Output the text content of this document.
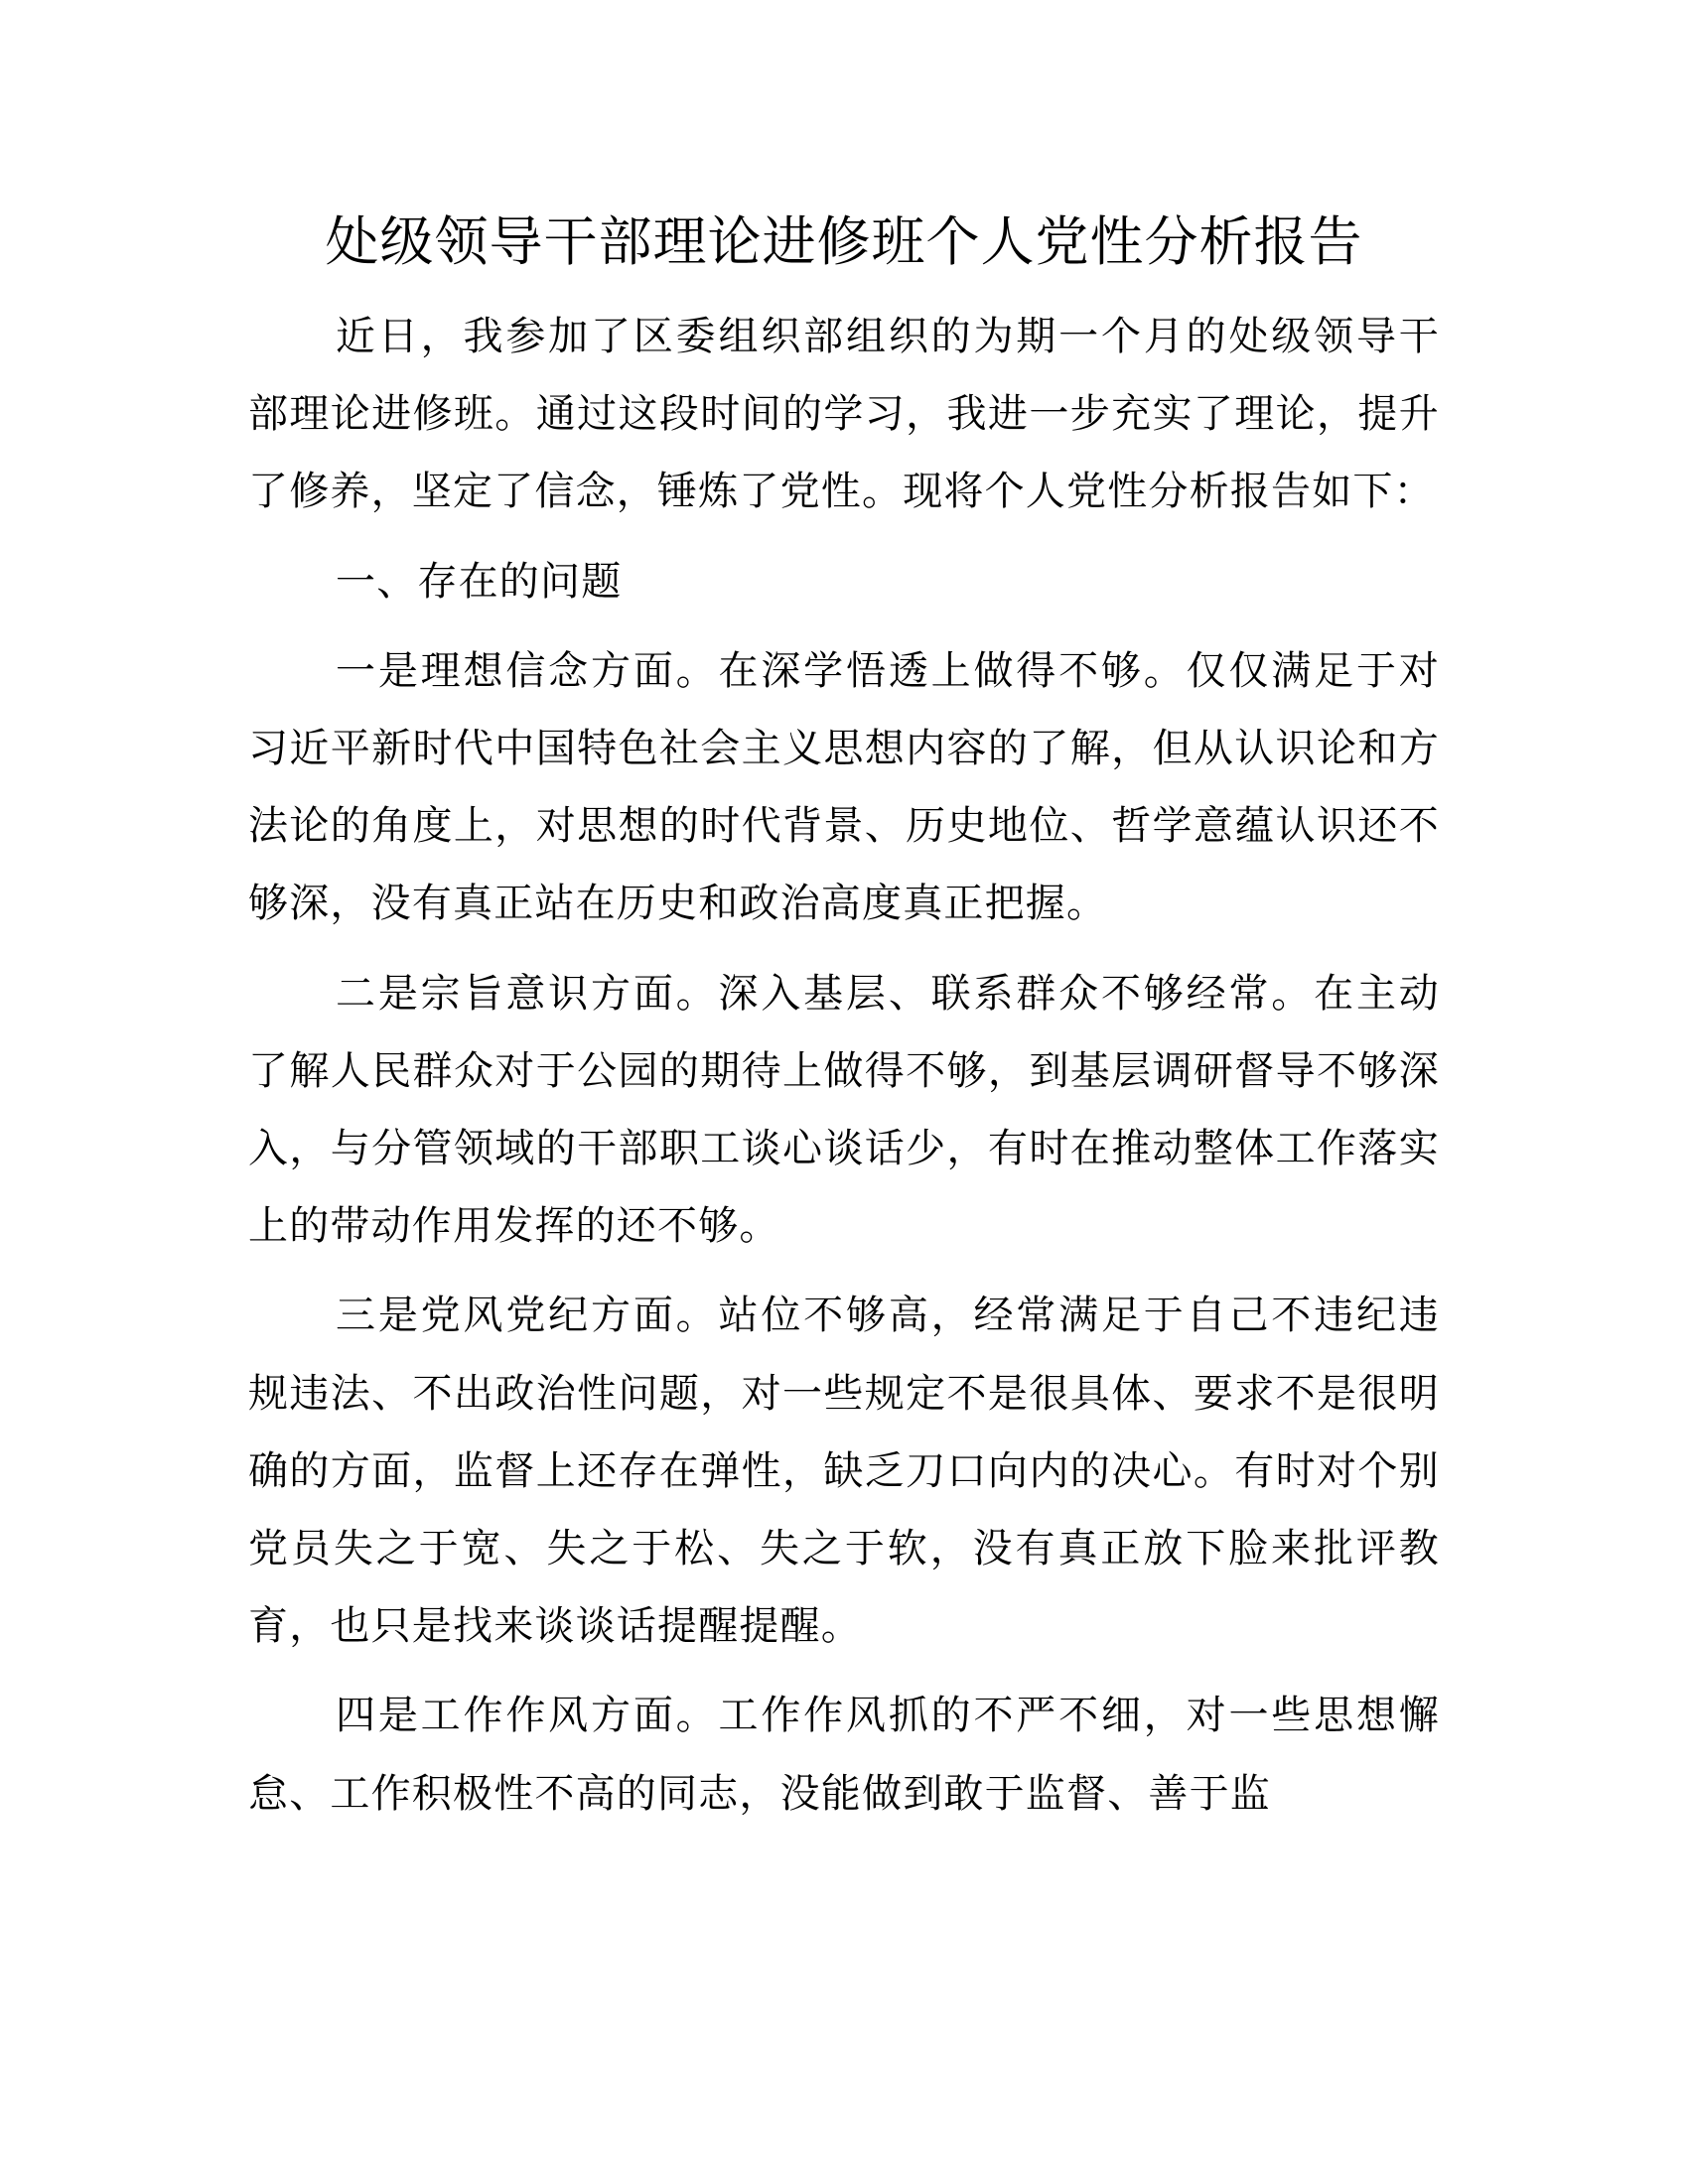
处级领导干部理论进修班个人党性分析报告

近日，我参加了区委组织部组织的为期一个月的处级领导干部理论进修班。通过这段时间的学习，我进一步充实了理论，提升了修养，坚定了信念，锤炼了党性。现将个人党性分析报告如下：

一、存在的问题

一是理想信念方面。在深学悟透上做得不够。仅仅满足于对习近平新时代中国特色社会主义思想内容的了解，但从认识论和方法论的角度上，对思想的时代背景、历史地位、哲学意蕴认识还不够深，没有真正站在历史和政治高度真正把握。

二是宗旨意识方面。深入基层、联系群众不够经常。在主动了解人民群众对于公园的期待上做得不够，到基层调研督导不够深入，与分管领域的干部职工谈心谈话少，有时在推动整体工作落实上的带动作用发挥的还不够。

三是党风党纪方面。站位不够高，经常满足于自己不违纪违规违法、不出政治性问题，对一些规定不是很具体、要求不是很明确的方面，监督上还存在弹性，缺乏刀口向内的决心。有时对个别党员失之于宽、失之于松、失之于软，没有真正放下脸来批评教育，也只是找来谈谈话提醒提醒。

四是工作作风方面。工作作风抓的不严不细，对一些思想懈怠、工作积极性不高的同志，没能做到敢于监督、善于监
